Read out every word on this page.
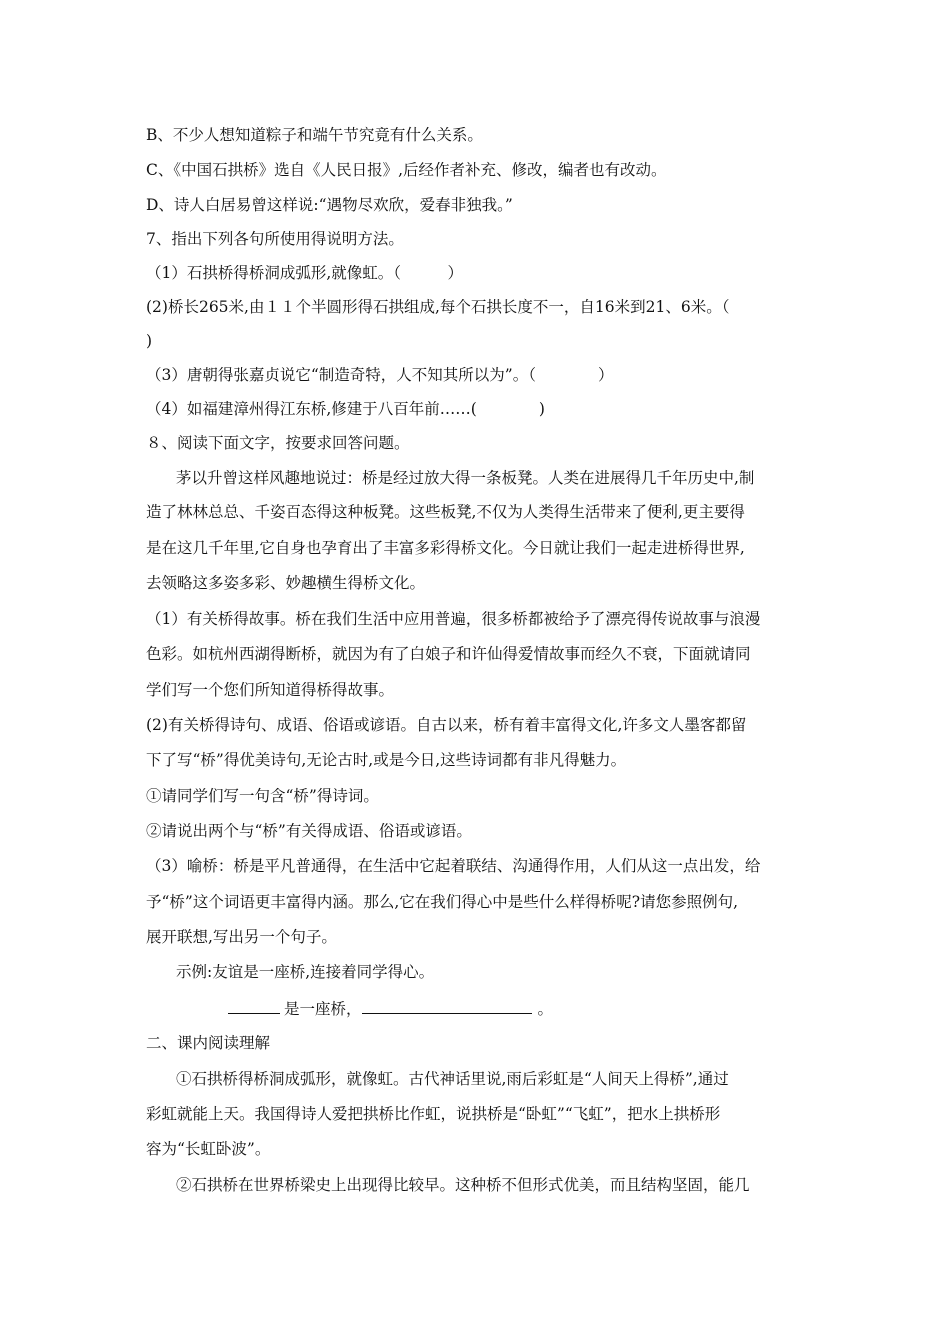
B、不少人想知道粽子和端午节究竟有什么关系。
C、《中国石拱桥》选自《人民日报》,后经作者补充、修改，编者也有改动。
D、诗人白居易曾这样说:“遇物尽欢欣，爱春非独我。”
7、指出下列各句所使用得说明方法。
（1）石拱桥得桥洞成弧形,就像虹。（　　　）
(2)桥长265米,由１１个半圆形得石拱组成,每个石拱长度不一，自16米到21、6米。（
)
（3）唐朝得张嘉贞说它“制造奇特，人不知其所以为”。（　　　　）
（4）如福建漳州得江东桥,修建于八百年前……(　　　　)
８、阅读下面文字，按要求回答问题。
茅以升曾这样风趣地说过：桥是经过放大得一条板凳。人类在进展得几千年历史中,制
造了林林总总、千姿百态得这种板凳。这些板凳,不仅为人类得生活带来了便利,更主要得
是在这几千年里,它自身也孕育出了丰富多彩得桥文化。今日就让我们一起走进桥得世界,
去领略这多姿多彩、妙趣横生得桥文化。
（1）有关桥得故事。桥在我们生活中应用普遍，很多桥都被给予了漂亮得传说故事与浪漫
色彩。如杭州西湖得断桥，就因为有了白娘子和许仙得爱情故事而经久不衰，下面就请同
学们写一个您们所知道得桥得故事。
(2)有关桥得诗句、成语、俗语或谚语。自古以来，桥有着丰富得文化,许多文人墨客都留
下了写“桥”得优美诗句,无论古时,或是今日,这些诗词都有非凡得魅力。
①请同学们写一句含“桥”得诗词。
②请说出两个与“桥”有关得成语、俗语或谚语。
（3）喻桥：桥是平凡普通得，在生活中它起着联结、沟通得作用，人们从这一点出发，给
予“桥”这个词语更丰富得内涵。那么,它在我们得心中是些什么样得桥呢?请您参照例句,
展开联想,写出另一个句子。
示例:友谊是一座桥,连接着同学得心。
是一座桥，	。
二、课内阅读理解
①石拱桥得桥洞成弧形，就像虹。古代神话里说,雨后彩虹是“人间天上得桥”,通过
彩虹就能上天。我国得诗人爱把拱桥比作虹，说拱桥是“卧虹”“飞虹”，把水上拱桥形
容为“长虹卧波”。
②石拱桥在世界桥梁史上出现得比较早。这种桥不但形式优美，而且结构坚固，能几
